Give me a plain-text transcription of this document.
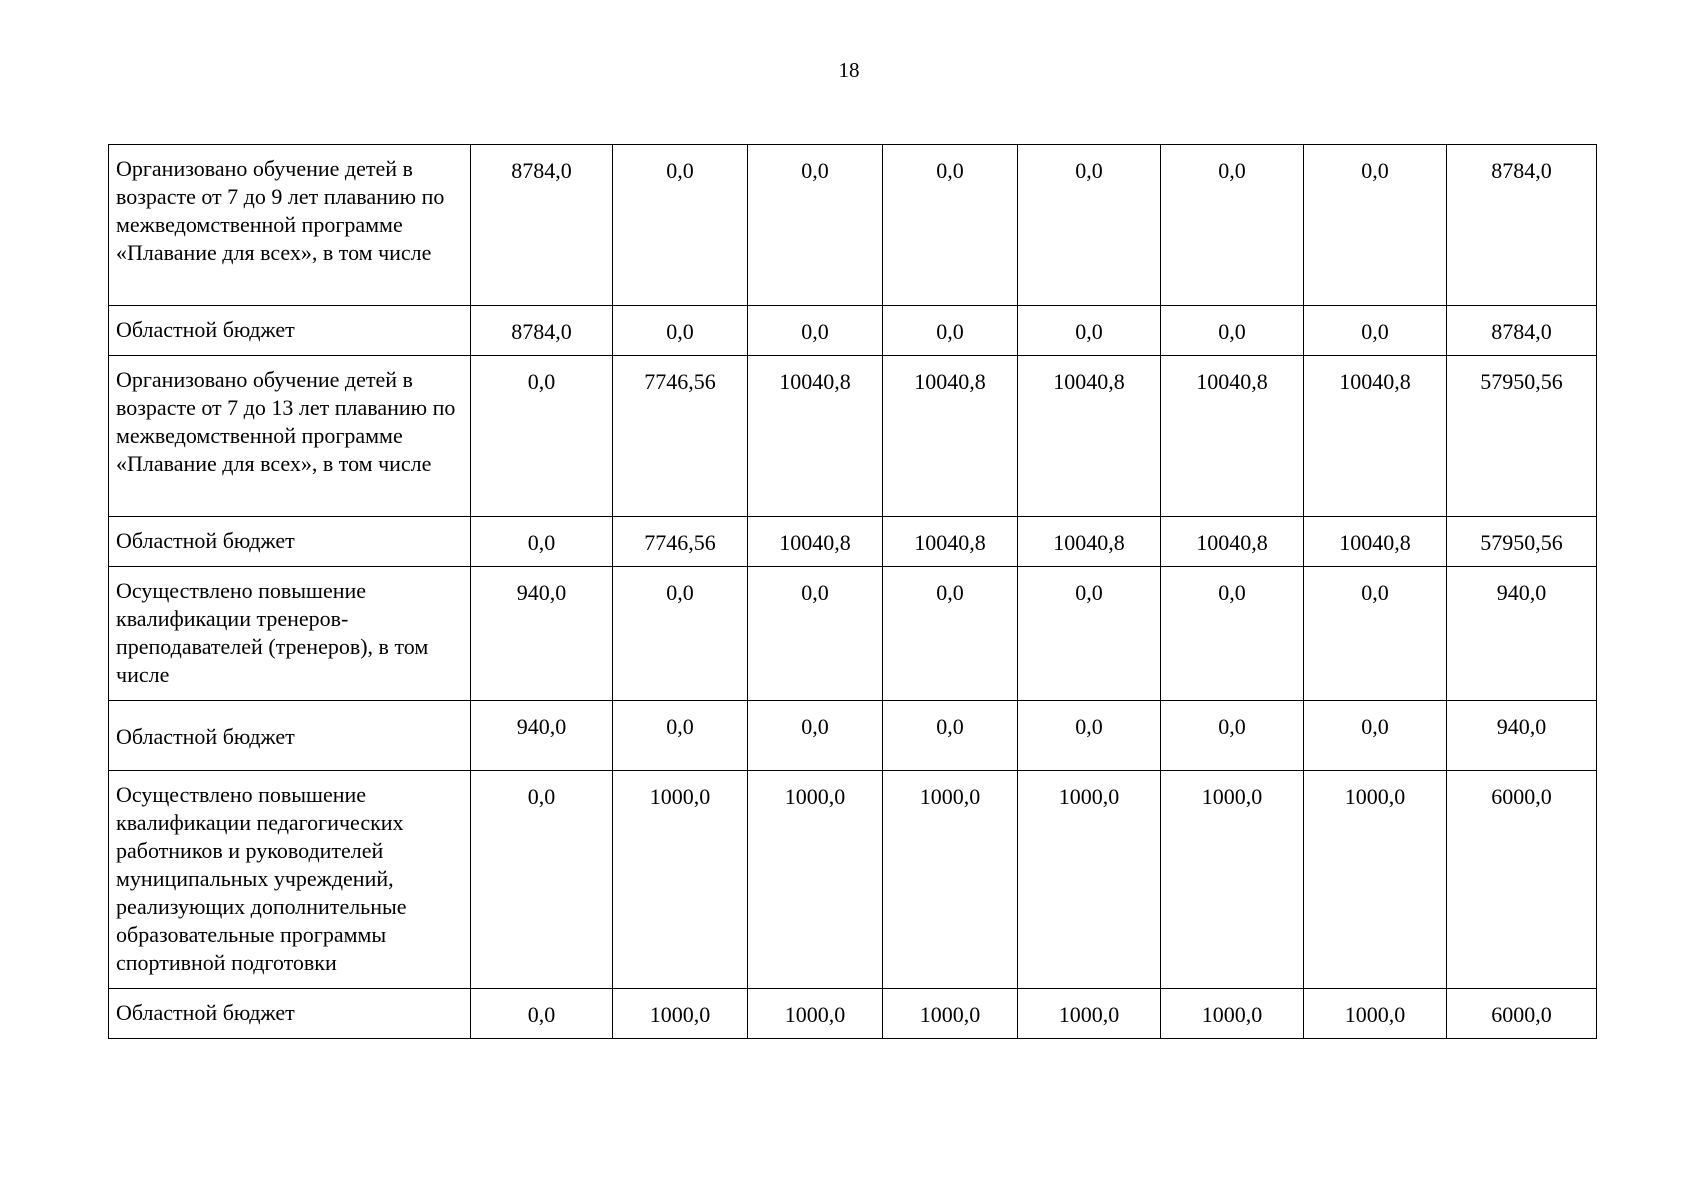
18
Организовано обучение детей в возрасте от 7 до 9 лет плаванию по межведомственной программе «Плавание для всех», в том числе	8784,0	0,0	0,0	0,0	0,0	0,0	0,0	8784,0
Областной бюджет	8784,0	0,0	0,0	0,0	0,0	0,0	0,0	8784,0
Организовано обучение детей в возрасте от 7 до 13 лет плаванию по межведомственной программе «Плавание для всех», в том числе	0,0	7746,56	10040,8	10040,8	10040,8	10040,8	10040,8	57950,56
Областной бюджет	0,0	7746,56	10040,8	10040,8	10040,8	10040,8	10040,8	57950,56
Осуществлено повышение квалификации тренеров-преподавателей (тренеров), в том числе	940,0	0,0	0,0	0,0	0,0	0,0	0,0	940,0
Областной бюджет	940,0	0,0	0,0	0,0	0,0	0,0	0,0	940,0
Осуществлено повышение квалификации педагогических работников и руководителей муниципальных учреждений, реализующих дополнительные образовательные программы спортивной подготовки	0,0	1000,0	1000,0	1000,0	1000,0	1000,0	1000,0	6000,0
Областной бюджет	0,0	1000,0	1000,0	1000,0	1000,0	1000,0	1000,0	6000,0
